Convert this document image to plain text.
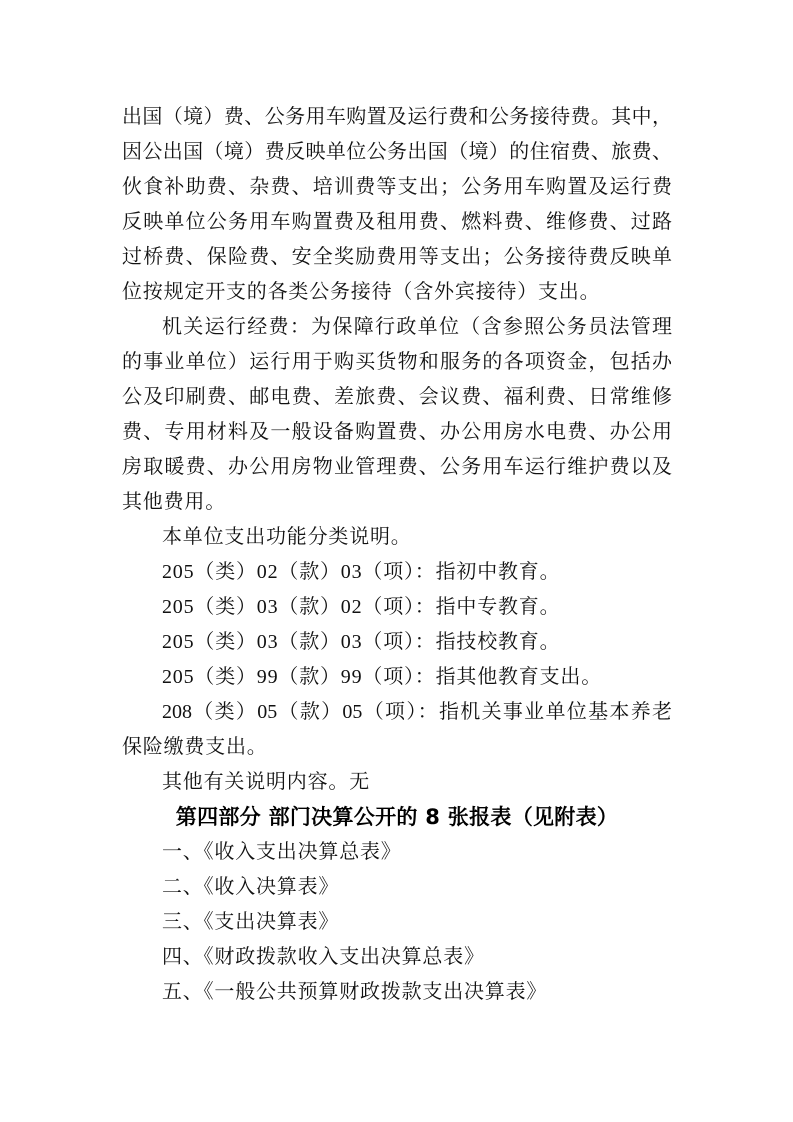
出国（境）费、公务用车购置及运行费和公务接待费。其中，
因公出国（境）费反映单位公务出国（境）的住宿费、旅费、
伙食补助费、杂费、培训费等支出；公务用车购置及运行费
反映单位公务用车购置费及租用费、燃料费、维修费、过路
过桥费、保险费、安全奖励费用等支出；公务接待费反映单
位按规定开支的各类公务接待（含外宾接待）支出。
机关运行经费：为保障行政单位（含参照公务员法管理
的事业单位）运行用于购买货物和服务的各项资金，包括办
公及印刷费、邮电费、差旅费、会议费、福利费、日常维修
费、专用材料及一般设备购置费、办公用房水电费、办公用
房取暖费、办公用房物业管理费、公务用车运行维护费以及
其他费用。
本单位支出功能分类说明。
205（类）02（款）03（项）：指初中教育。
205（类）03（款）02（项）：指中专教育。
205（类）03（款）03（项）：指技校教育。
205（类）99（款）99（项）：指其他教育支出。
208（类）05（款）05（项）：指机关事业单位基本养老
保险缴费支出。
其他有关说明内容。无
第四部分 部门决算公开的 8 张报表（见附表）
一、《收入支出决算总表》
二、《收入决算表》
三、《支出决算表》
四、《财政拨款收入支出决算总表》
五、《一般公共预算财政拨款支出决算表》
